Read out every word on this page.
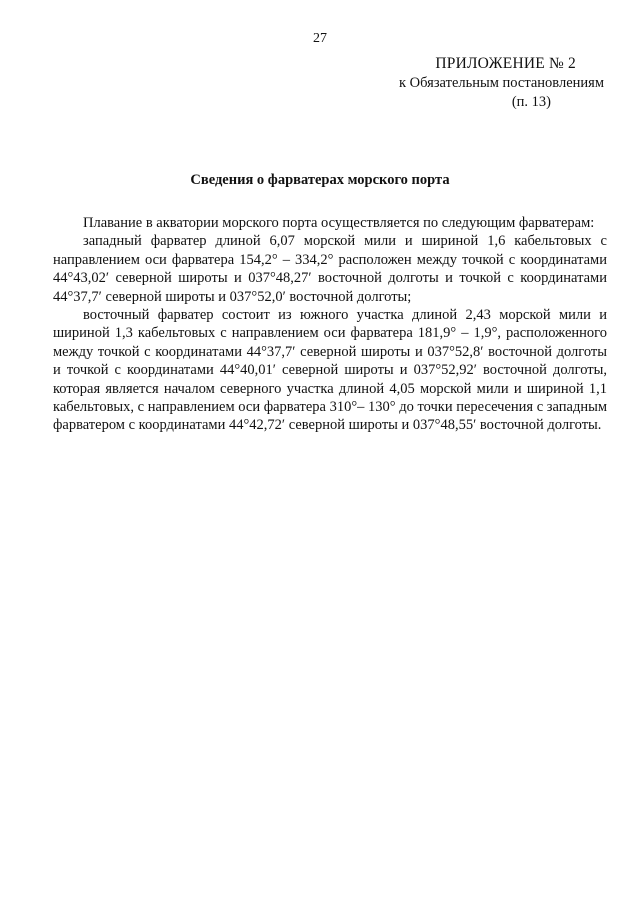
27
ПРИЛОЖЕНИЕ № 2
к Обязательным постановлениям
(п. 13)
Сведения о фарватерах морского порта

Плавание в акватории морского порта осуществляется по следующим фарватерам:

западный фарватер длиной 6,07 морской мили и шириной 1,6 кабельтовых с направлением оси фарватера 154,2° – 334,2° расположен между точкой с координатами 44°43,02′ северной широты и 037°48,27′ восточной долготы и точкой с координатами 44°37,7′ северной широты и 037°52,0′ восточной долготы;

восточный фарватер состоит из южного участка длиной 2,43 морской мили и шириной 1,3 кабельтовых с направлением оси фарватера 181,9° – 1,9°, расположенного между точкой с координатами 44°37,7′ северной широты и 037°52,8′ восточной долготы и точкой с координатами 44°40,01′ северной широты и 037°52,92′ восточной долготы, которая является началом северного участка длиной 4,05 морской мили и шириной 1,1 кабельтовых, с направлением оси фарватера 310°– 130° до точки пересечения с западным фарватером с координатами 44°42,72′ северной широты и 037°48,55′ восточной долготы.
